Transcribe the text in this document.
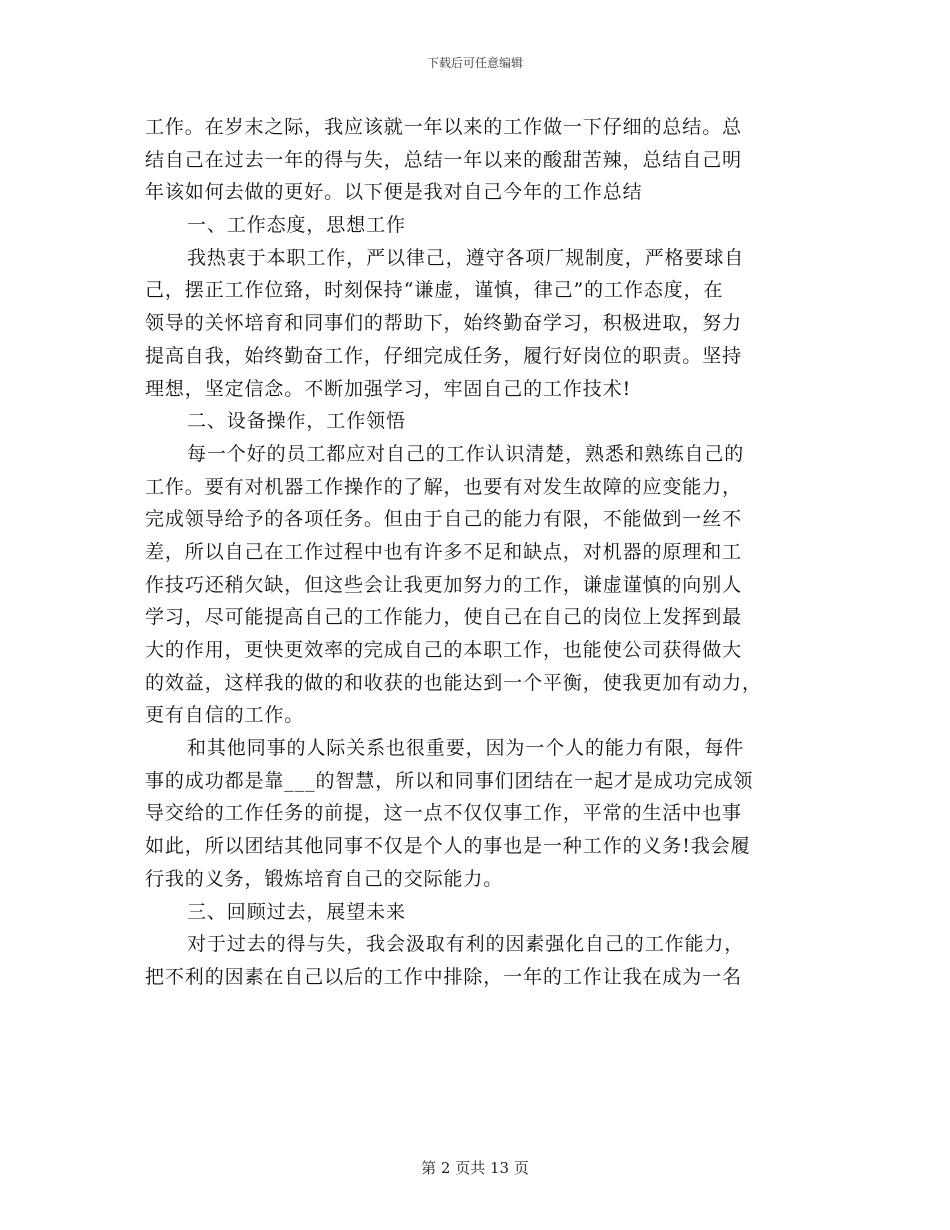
下载后可任意编辑
工作。在岁末之际，我应该就一年以来的工作做一下仔细的总结。总
结自己在过去一年的得与失，总结一年以来的酸甜苦辣，总结自己明
年该如何去做的更好。以下便是我对自己今年的工作总结
一、工作态度，思想工作
我热衷于本职工作，严以律己，遵守各项厂规制度，严格要球自
己，摆正工作位臵，时刻保持“谦虚，谨慎，律己”的工作态度，在
领导的关怀培育和同事们的帮助下，始终勤奋学习，积极进取，努力
提高自我，始终勤奋工作，仔细完成任务，履行好岗位的职责。坚持
理想，坚定信念。不断加强学习，牢固自己的工作技术!
二、设备操作，工作领悟
每一个好的员工都应对自己的工作认识清楚，熟悉和熟练自己的
工作。要有对机器工作操作的了解，也要有对发生故障的应变能力，
完成领导给予的各项任务。但由于自己的能力有限，不能做到一丝不
差，所以自己在工作过程中也有许多不足和缺点，对机器的原理和工
作技巧还稍欠缺，但这些会让我更加努力的工作，谦虚谨慎的向别人
学习，尽可能提高自己的工作能力，使自己在自己的岗位上发挥到最
大的作用，更快更效率的完成自己的本职工作，也能使公司获得做大
的效益，这样我的做的和收获的也能达到一个平衡，使我更加有动力，
更有自信的工作。
和其他同事的人际关系也很重要，因为一个人的能力有限，每件
事的成功都是靠___的智慧，所以和同事们团结在一起才是成功完成领
导交给的工作任务的前提，这一点不仅仅事工作，平常的生活中也事
如此，所以团结其他同事不仅是个人的事也是一种工作的义务!我会履
行我的义务，锻炼培育自己的交际能力。
三、回顾过去，展望未来
对于过去的得与失，我会汲取有利的因素强化自己的工作能力，
把不利的因素在自己以后的工作中排除，一年的工作让我在成为一名
第 2 页共 13 页
